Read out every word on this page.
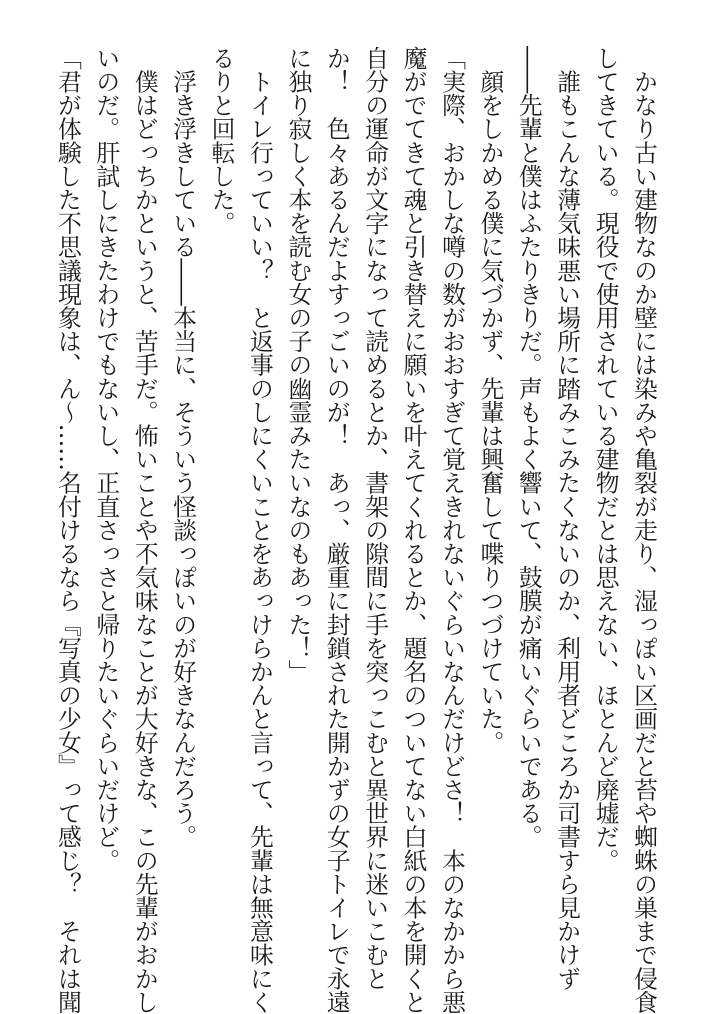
　かなり古い建物なのか壁には染みや亀裂が走り、湿っぽい区画だと苔や蜘蛛の巣まで侵食

してきている。現役で使用されている建物だとは思えない、ほとんど廃墟だ。

　誰もこんな薄気味悪い場所に踏みこみたくないのか、利用者どころか司書すら見かけず

――先輩と僕はふたりきりだ。声もよく響いて、鼓膜が痛いぐらいである。

　顔をしかめる僕に気づかず、先輩は興奮して喋りつづけていた。

「実際、おかしな噂の数がおおすぎて覚えきれないぐらいなんだけどさ！　本のなかから悪

魔がでてきて魂と引き替えに願いを叶えてくれるとか、題名のついてない白紙の本を開くと

自分の運命が文字になって読めるとか、書架の隙間に手を突っこむと異世界に迷いこむと

か！　色々あるんだよすっごいのが！　あっ、厳重に封鎖された開かずの女子トイレで永遠

に独り寂しく本を読む女の子の幽霊みたいなのもあった！」

　トイレ行っていい？　と返事のしにくいことをあっけらかんと言って、先輩は無意味にく

るりと回転した。

　浮き浮きしている――本当に、そういう怪談っぽいのが好きなんだろう。

　僕はどっちかというと、苦手だ。怖いことや不気味なことが大好きな、この先輩がおかし

いのだ。肝試しにきたわけでもないし、正直さっさと帰りたいぐらいだけど。

「君が体験した不思議現象は、ん～……名付けるなら『写真の少女』って感じ？　それは聞
